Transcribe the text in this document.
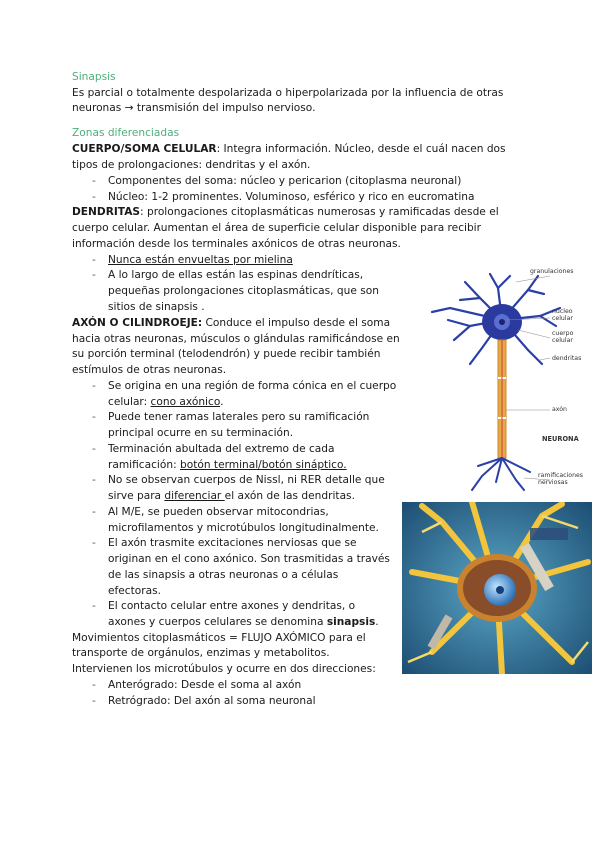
Sinapsis
Es parcial o totalmente despolarizada o hiperpolarizada por la influencia de otras
neuronas → transmisión del impulso nervioso.
Zonas diferenciadas
CUERPO/SOMA CELULAR: Integra información. Núcleo, desde el cuál nacen dos
tipos de prolongaciones: dendritas y el axón.
- Componentes del soma: núcleo y pericarion (citoplasma neuronal)
- Núcleo: 1-2 prominentes. Voluminoso, esférico y rico en eucromatina
DENDRITAS: prolongaciones citoplasmáticas numerosas y ramificadas desde el
cuerpo celular. Aumentan el área de superficie celular disponible para recibir
información desde los terminales axónicos de otras neuronas.
- Nunca están envueltas por mielina
- A lo largo de ellas están las espinas dendríticas,
pequeñas prolongaciones citoplasmáticas, que son
sitios de sinapsis .
AXÓN O CILINDROEJE: Conduce el impulso desde el soma
hacia otras neuronas, músculos o glándulas ramificándose en
su porción terminal (telodendrón) y puede recibir también
estímulos de otras neuronas.
- Se origina en una región de forma cónica en el cuerpo
celular: cono axónico.
- Puede tener ramas laterales pero su ramificación
principal ocurre en su terminación.
- Terminación abultada del extremo de cada
ramificación: botón terminal/botón sináptico.
- No se observan cuerpos de Nissl, ni RER detalle que
sirve para diferenciar el axón de las dendritas.
- Al M/E, se pueden observar mitocondrias,
microfilamentos y microtúbulos longitudinalmente.
- El axón trasmite excitaciones nerviosas que se
originan en el cono axónico. Son trasmitidas a través
de las sinapsis a otras neuronas o a células
efectoras.
- El contacto celular entre axones y dendritas, o
axones y cuerpos celulares se denomina sinapsis.
Movimientos citoplasmáticos = FLUJO AXÓMICO para el
transporte de orgánulos, enzimas y metabolitos.
Intervienen los microtúbulos y ocurre en dos direcciones:
- Anterógrado: Desde el soma al axón
- Retrógrado: Del axón al soma neuronal
granulaciones
núcleo
celular
cuerpo
celular
dendritas
axón
NEURONA
ramificaciones
nerviosas
